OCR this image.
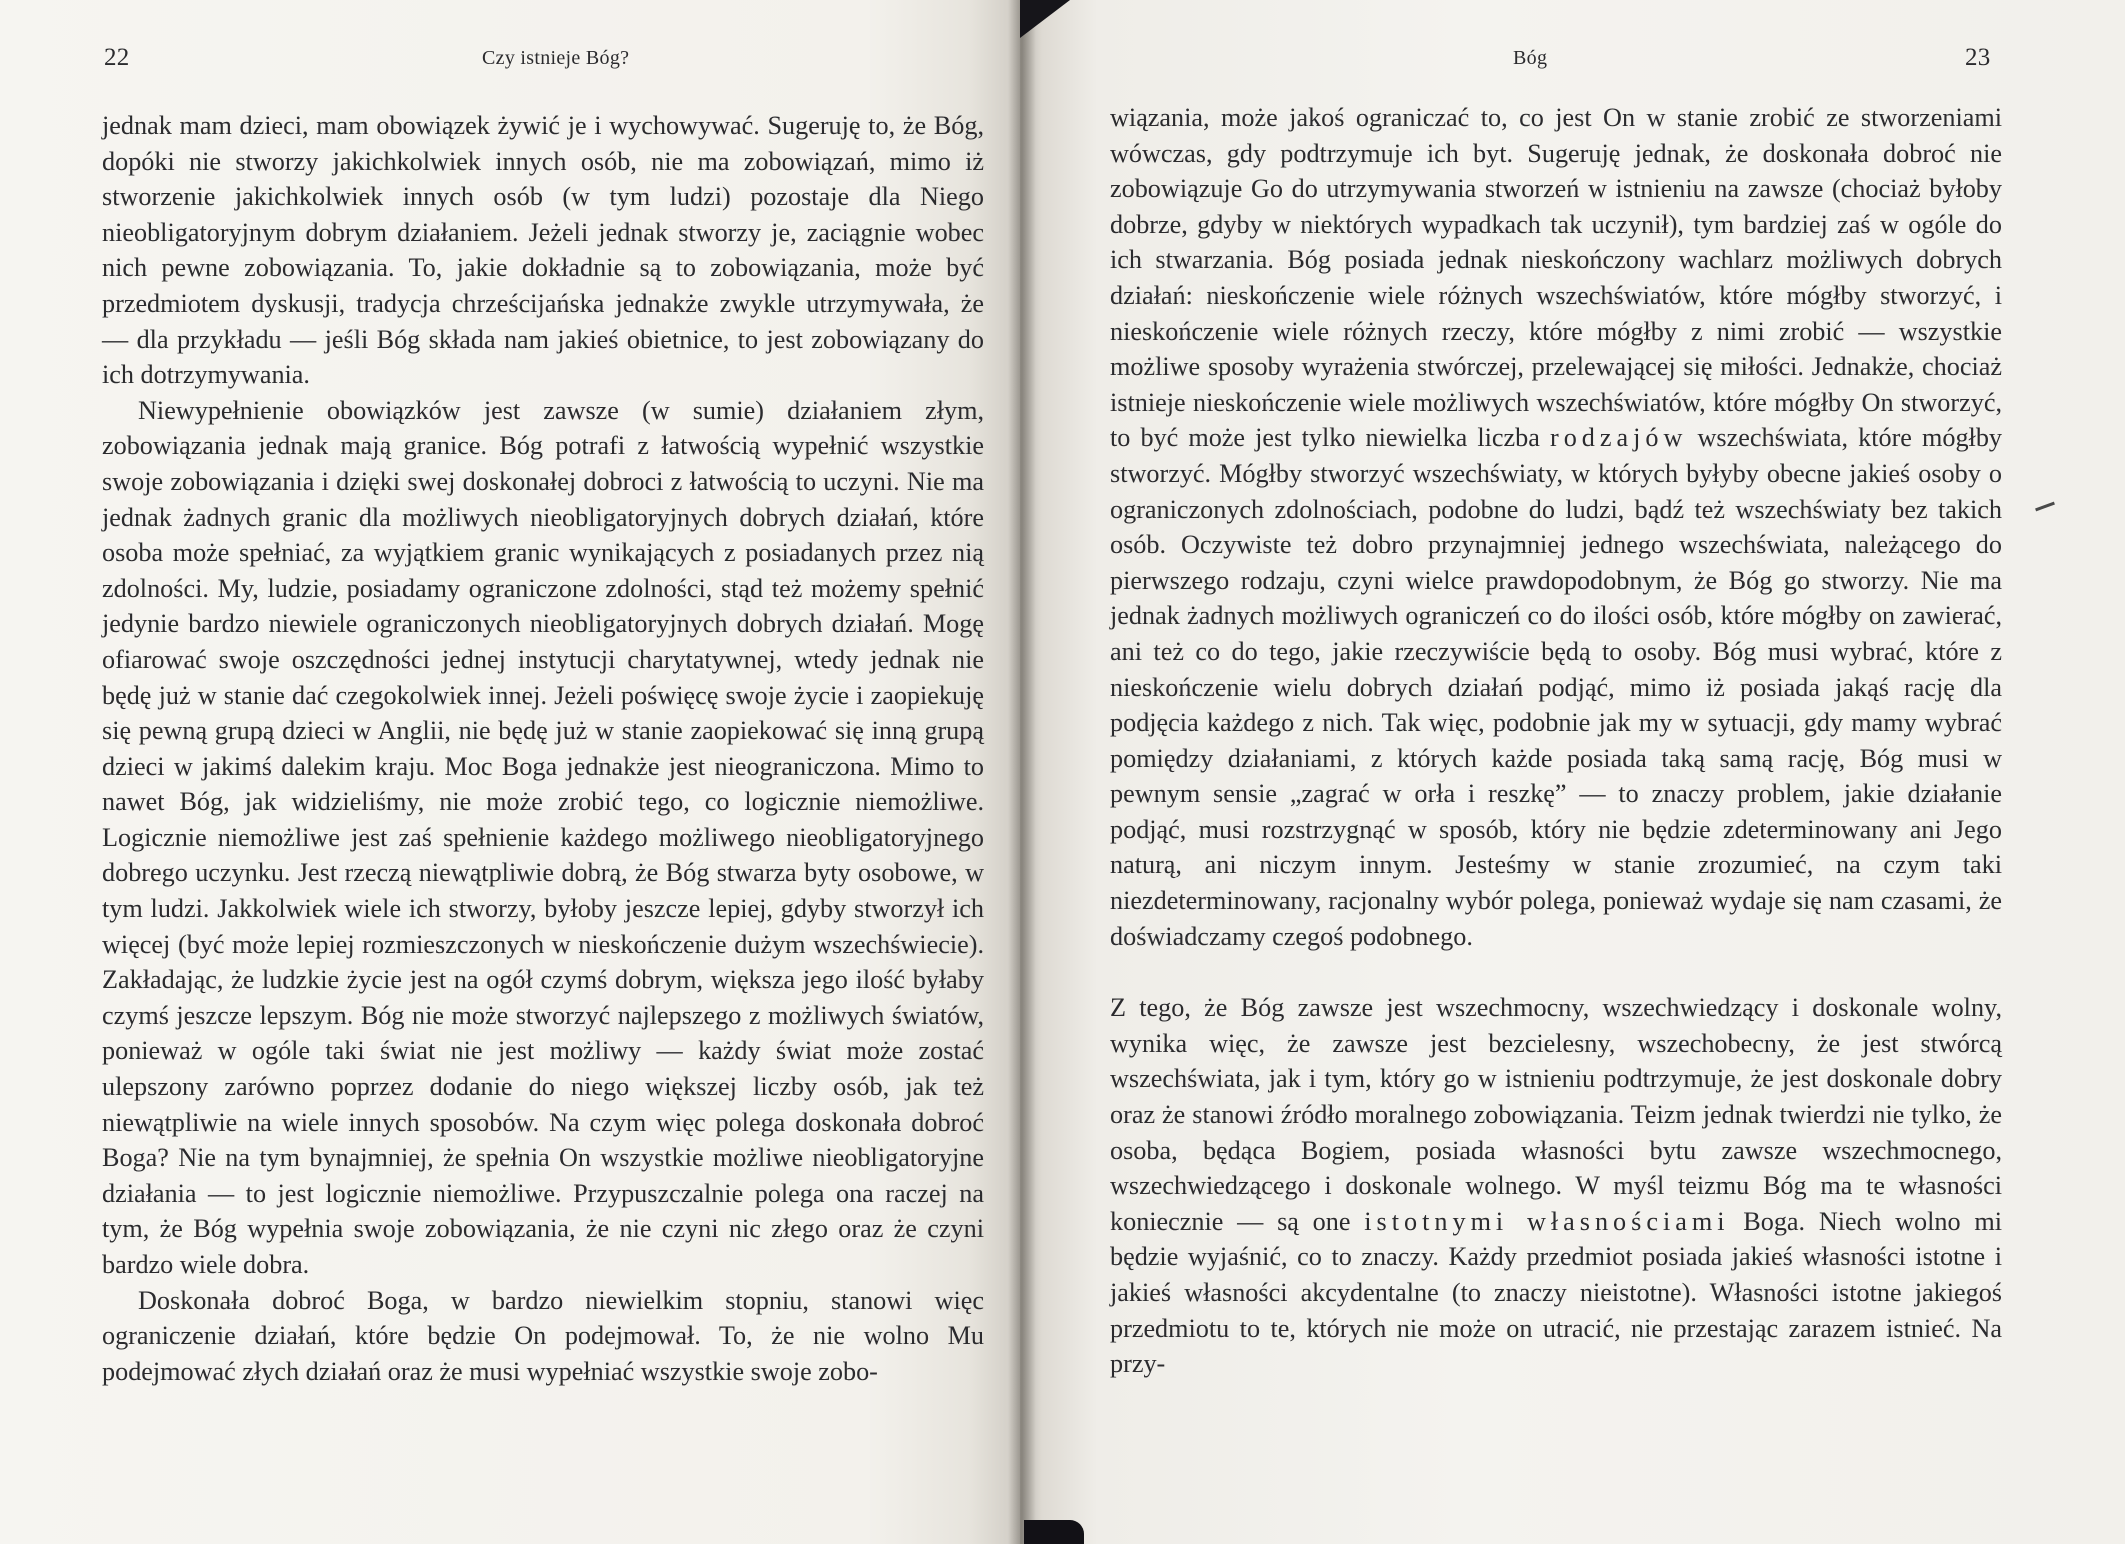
22	Czy istnieje Bóg?

jednak mam dzieci, mam obowiązek żywić je i wychowywać. Sugeruję to, że Bóg, dopóki nie stworzy jakichkolwiek innych osób, nie ma zobowiązań, mimo iż stworzenie jakichkolwiek innych osób (w tym ludzi) pozostaje dla Niego nieobligatoryjnym dobrym działaniem. Jeżeli jednak stworzy je, zaciągnie wobec nich pewne zobowiązania. To, jakie dokładnie są to zobowiązania, może być przedmiotem dyskusji, tradycja chrześcijańska jednakże zwykle utrzymywała, że — dla przykładu — jeśli Bóg składa nam jakieś obietnice, to jest zobowiązany do ich dotrzymywania.

Niewypełnienie obowiązków jest zawsze (w sumie) działaniem złym, zobowiązania jednak mają granice. Bóg potrafi z łatwością wypełnić wszystkie swoje zobowiązania i dzięki swej doskonałej dobroci z łatwością to uczyni. Nie ma jednak żadnych granic dla możliwych nieobligatoryjnych dobrych działań, które osoba może spełniać, za wyjątkiem granic wynikających z posiadanych przez nią zdolności. My, ludzie, posiadamy ograniczone zdolności, stąd też możemy spełnić jedynie bardzo niewiele ograniczonych nieobligatoryjnych dobrych działań. Mogę ofiarować swoje oszczędności jednej instytucji charytatywnej, wtedy jednak nie będę już w stanie dać czegokolwiek innej. Jeżeli poświęcę swoje życie i zaopiekuję się pewną grupą dzieci w Anglii, nie będę już w stanie zaopiekować się inną grupą dzieci w jakimś dalekim kraju. Moc Boga jednakże jest nieograniczona. Mimo to nawet Bóg, jak widzieliśmy, nie może zrobić tego, co logicznie niemożliwe. Logicznie niemożliwe jest zaś spełnienie każdego możliwego nieobligatoryjnego dobrego uczynku. Jest rzeczą niewątpliwie dobrą, że Bóg stwarza byty osobowe, w tym ludzi. Jakkolwiek wiele ich stworzy, byłoby jeszcze lepiej, gdyby stworzył ich więcej (być może lepiej rozmieszczonych w nieskończenie dużym wszechświecie). Zakładając, że ludzkie życie jest na ogół czymś dobrym, większa jego ilość byłaby czymś jeszcze lepszym. Bóg nie może stworzyć najlepszego z możliwych światów, ponieważ w ogóle taki świat nie jest możliwy — każdy świat może zostać ulepszony zarówno poprzez dodanie do niego większej liczby osób, jak też niewątpliwie na wiele innych sposobów. Na czym więc polega doskonała dobroć Boga? Nie na tym bynajmniej, że spełnia On wszystkie możliwe nieobligatoryjne działania — to jest logicznie niemożliwe. Przypuszczalnie polega ona raczej na tym, że Bóg wypełnia swoje zobowiązania, że nie czyni nic złego oraz że czyni bardzo wiele dobra.

Doskonała dobroć Boga, w bardzo niewielkim stopniu, stanowi więc ograniczenie działań, które będzie On podejmował. To, że nie wolno Mu podejmować złych działań oraz że musi wypełniać wszystkie swoje zobo-

Bóg	23

wiązania, może jakoś ograniczać to, co jest On w stanie zrobić ze stworzeniami wówczas, gdy podtrzymuje ich byt. Sugeruję jednak, że doskonała dobroć nie zobowiązuje Go do utrzymywania stworzeń w istnieniu na zawsze (chociaż byłoby dobrze, gdyby w niektórych wypadkach tak uczynił), tym bardziej zaś w ogóle do ich stwarzania. Bóg posiada jednak nieskończony wachlarz możliwych dobrych działań: nieskończenie wiele różnych wszechświatów, które mógłby stworzyć, i nieskończenie wiele różnych rzeczy, które mógłby z nimi zrobić — wszystkie możliwe sposoby wyrażenia stwórczej, przelewającej się miłości. Jednakże, chociaż istnieje nieskończenie wiele możliwych wszechświatów, które mógłby On stworzyć, to być może jest tylko niewielka liczba rodzajów wszechświata, które mógłby stworzyć. Mógłby stworzyć wszechświaty, w których byłyby obecne jakieś osoby o ograniczonych zdolnościach, podobne do ludzi, bądź też wszechświaty bez takich osób. Oczywiste też dobro przynajmniej jednego wszechświata, należącego do pierwszego rodzaju, czyni wielce prawdopodobnym, że Bóg go stworzy. Nie ma jednak żadnych możliwych ograniczeń co do ilości osób, które mógłby on zawierać, ani też co do tego, jakie rzeczywiście będą to osoby. Bóg musi wybrać, które z nieskończenie wielu dobrych działań podjąć, mimo iż posiada jakąś rację dla podjęcia każdego z nich. Tak więc, podobnie jak my w sytuacji, gdy mamy wybrać pomiędzy działaniami, z których każde posiada taką samą rację, Bóg musi w pewnym sensie „zagrać w orła i reszkę” — to znaczy problem, jakie działanie podjąć, musi rozstrzygnąć w sposób, który nie będzie zdeterminowany ani Jego naturą, ani niczym innym. Jesteśmy w stanie zrozumieć, na czym taki niezdeterminowany, racjonalny wybór polega, ponieważ wydaje się nam czasami, że doświadczamy czegoś podobnego.

Z tego, że Bóg zawsze jest wszechmocny, wszechwiedzący i doskonale wolny, wynika więc, że zawsze jest bezcielesny, wszechobecny, że jest stwórcą wszechświata, jak i tym, który go w istnieniu podtrzymuje, że jest doskonale dobry oraz że stanowi źródło moralnego zobowiązania. Teizm jednak twierdzi nie tylko, że osoba, będąca Bogiem, posiada własności bytu zawsze wszechmocnego, wszechwiedzącego i doskonale wolnego. W myśl teizmu Bóg ma te własności koniecznie — są one istotnymi własnościami Boga. Niech wolno mi będzie wyjaśnić, co to znaczy. Każdy przedmiot posiada jakieś własności istotne i jakieś własności akcydentalne (to znaczy nieistotne). Własności istotne jakiegoś przedmiotu to te, których nie może on utracić, nie przestając zarazem istnieć. Na przy-
